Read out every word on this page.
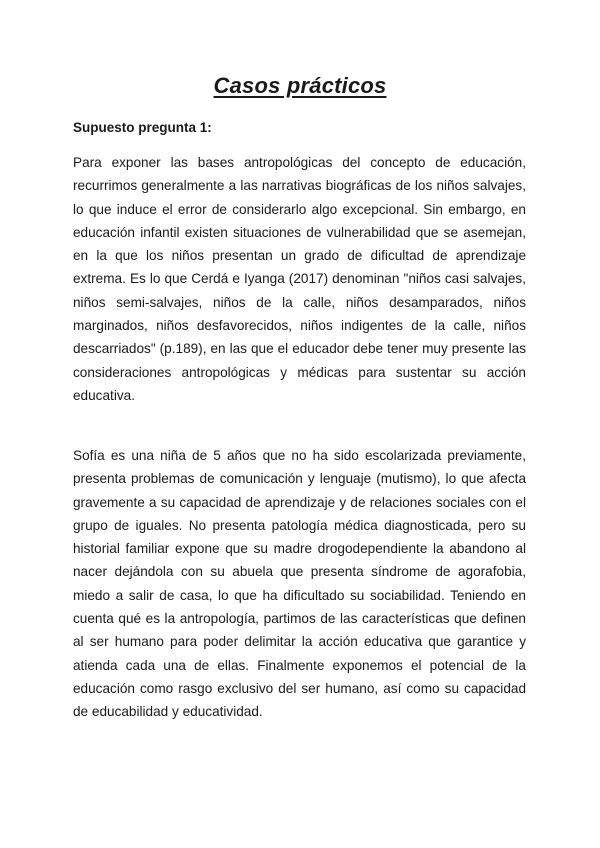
Casos prácticos

Supuesto pregunta 1:

Para exponer las bases antropológicas del concepto de educación, recurrimos generalmente a las narrativas biográficas de los niños salvajes, lo que induce el error de considerarlo algo excepcional. Sin embargo, en educación infantil existen situaciones de vulnerabilidad que se asemejan, en la que los niños presentan un grado de dificultad de aprendizaje extrema. Es lo que Cerdá e Iyanga (2017) denominan "niños casi salvajes, niños semi-salvajes, niños de la calle, niños desamparados, niños marginados, niños desfavorecidos, niños indigentes de la calle, niños descarriados" (p.189), en las que el educador debe tener muy presente las consideraciones antropológicas y médicas para sustentar su acción educativa.

Sofía es una niña de 5 años que no ha sido escolarizada previamente, presenta problemas de comunicación y lenguaje (mutismo), lo que afecta gravemente a su capacidad de aprendizaje y de relaciones sociales con el grupo de iguales. No presenta patología médica diagnosticada, pero su historial familiar expone que su madre drogodependiente la abandono al nacer dejándola con su abuela que presenta síndrome de agorafobia, miedo a salir de casa, lo que ha dificultado su sociabilidad. Teniendo en cuenta qué es la antropología, partimos de las características que definen al ser humano para poder delimitar la acción educativa que garantice y atienda cada una de ellas. Finalmente exponemos el potencial de la educación como rasgo exclusivo del ser humano, así como su capacidad de educabilidad y educatividad.
